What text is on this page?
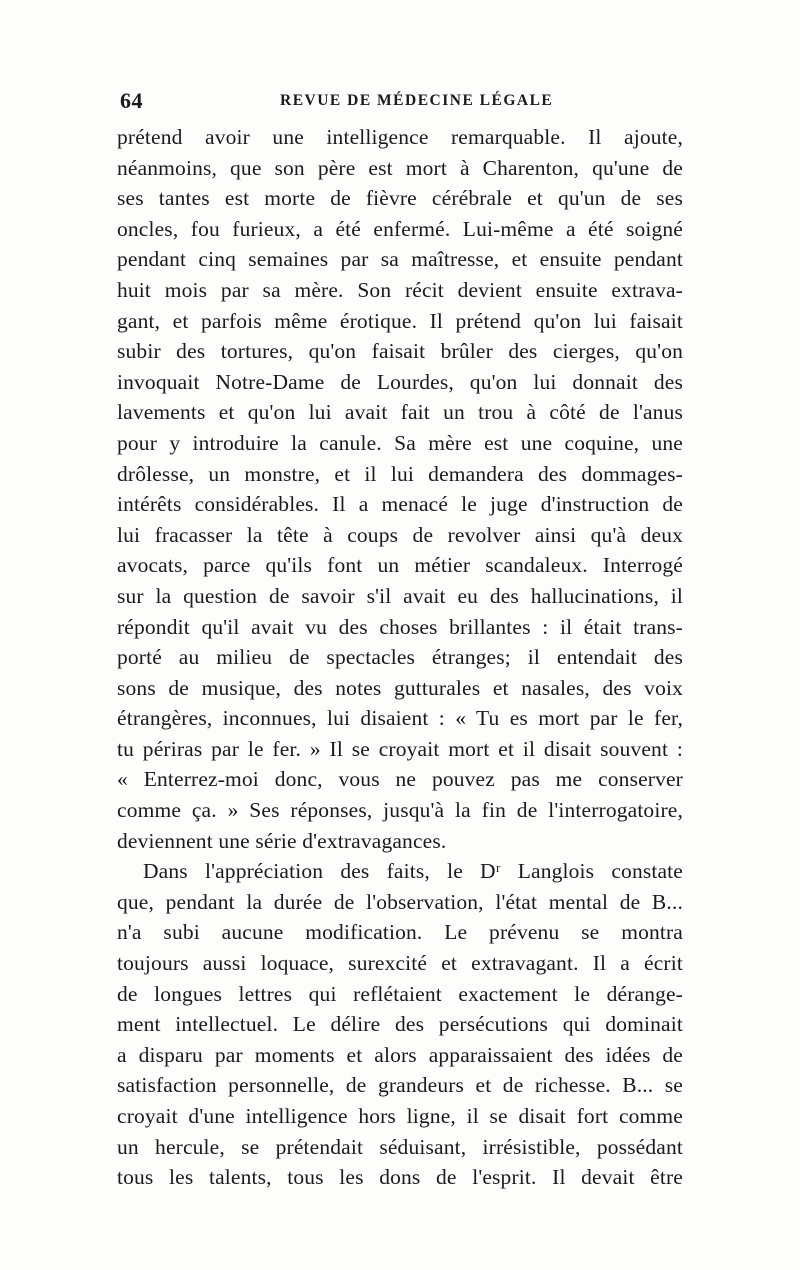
64	REVUE DE MÉDECINE LÉGALE
prétend avoir une intelligence remarquable. Il ajoute,
néanmoins, que son père est mort à Charenton, qu'une de
ses tantes est morte de fièvre cérébrale et qu'un de ses
oncles, fou furieux, a été enfermé. Lui-même a été soigné
pendant cinq semaines par sa maîtresse, et ensuite pendant
huit mois par sa mère. Son récit devient ensuite extrava-
gant, et parfois même érotique. Il prétend qu'on lui faisait
subir des tortures, qu'on faisait brûler des cierges, qu'on
invoquait Notre-Dame de Lourdes, qu'on lui donnait des
lavements et qu'on lui avait fait un trou à côté de l'anus
pour y introduire la canule. Sa mère est une coquine, une
drôlesse, un monstre, et il lui demandera des dommages-
intérêts considérables. Il a menacé le juge d'instruction de
lui fracasser la tête à coups de revolver ainsi qu'à deux
avocats, parce qu'ils font un métier scandaleux. Interrogé
sur la question de savoir s'il avait eu des hallucinations, il
répondit qu'il avait vu des choses brillantes : il était trans-
porté au milieu de spectacles étranges; il entendait des
sons de musique, des notes gutturales et nasales, des voix
étrangères, inconnues, lui disaient : « Tu es mort par le fer,
tu périras par le fer. » Il se croyait mort et il disait souvent :
« Enterrez-moi donc, vous ne pouvez pas me conserver
comme ça. » Ses réponses, jusqu'à la fin de l'interrogatoire,
deviennent une série d'extravagances.
Dans l'appréciation des faits, le Dʳ Langlois constate
que, pendant la durée de l'observation, l'état mental de B...
n'a subi aucune modification. Le prévenu se montra
toujours aussi loquace, surexcité et extravagant. Il a écrit
de longues lettres qui reflétaient exactement le dérange-
ment intellectuel. Le délire des persécutions qui dominait
a disparu par moments et alors apparaissaient des idées de
satisfaction personnelle, de grandeurs et de richesse. B... se
croyait d'une intelligence hors ligne, il se disait fort comme
un hercule, se prétendait séduisant, irrésistible, possédant
tous les talents, tous les dons de l'esprit. Il devait être
